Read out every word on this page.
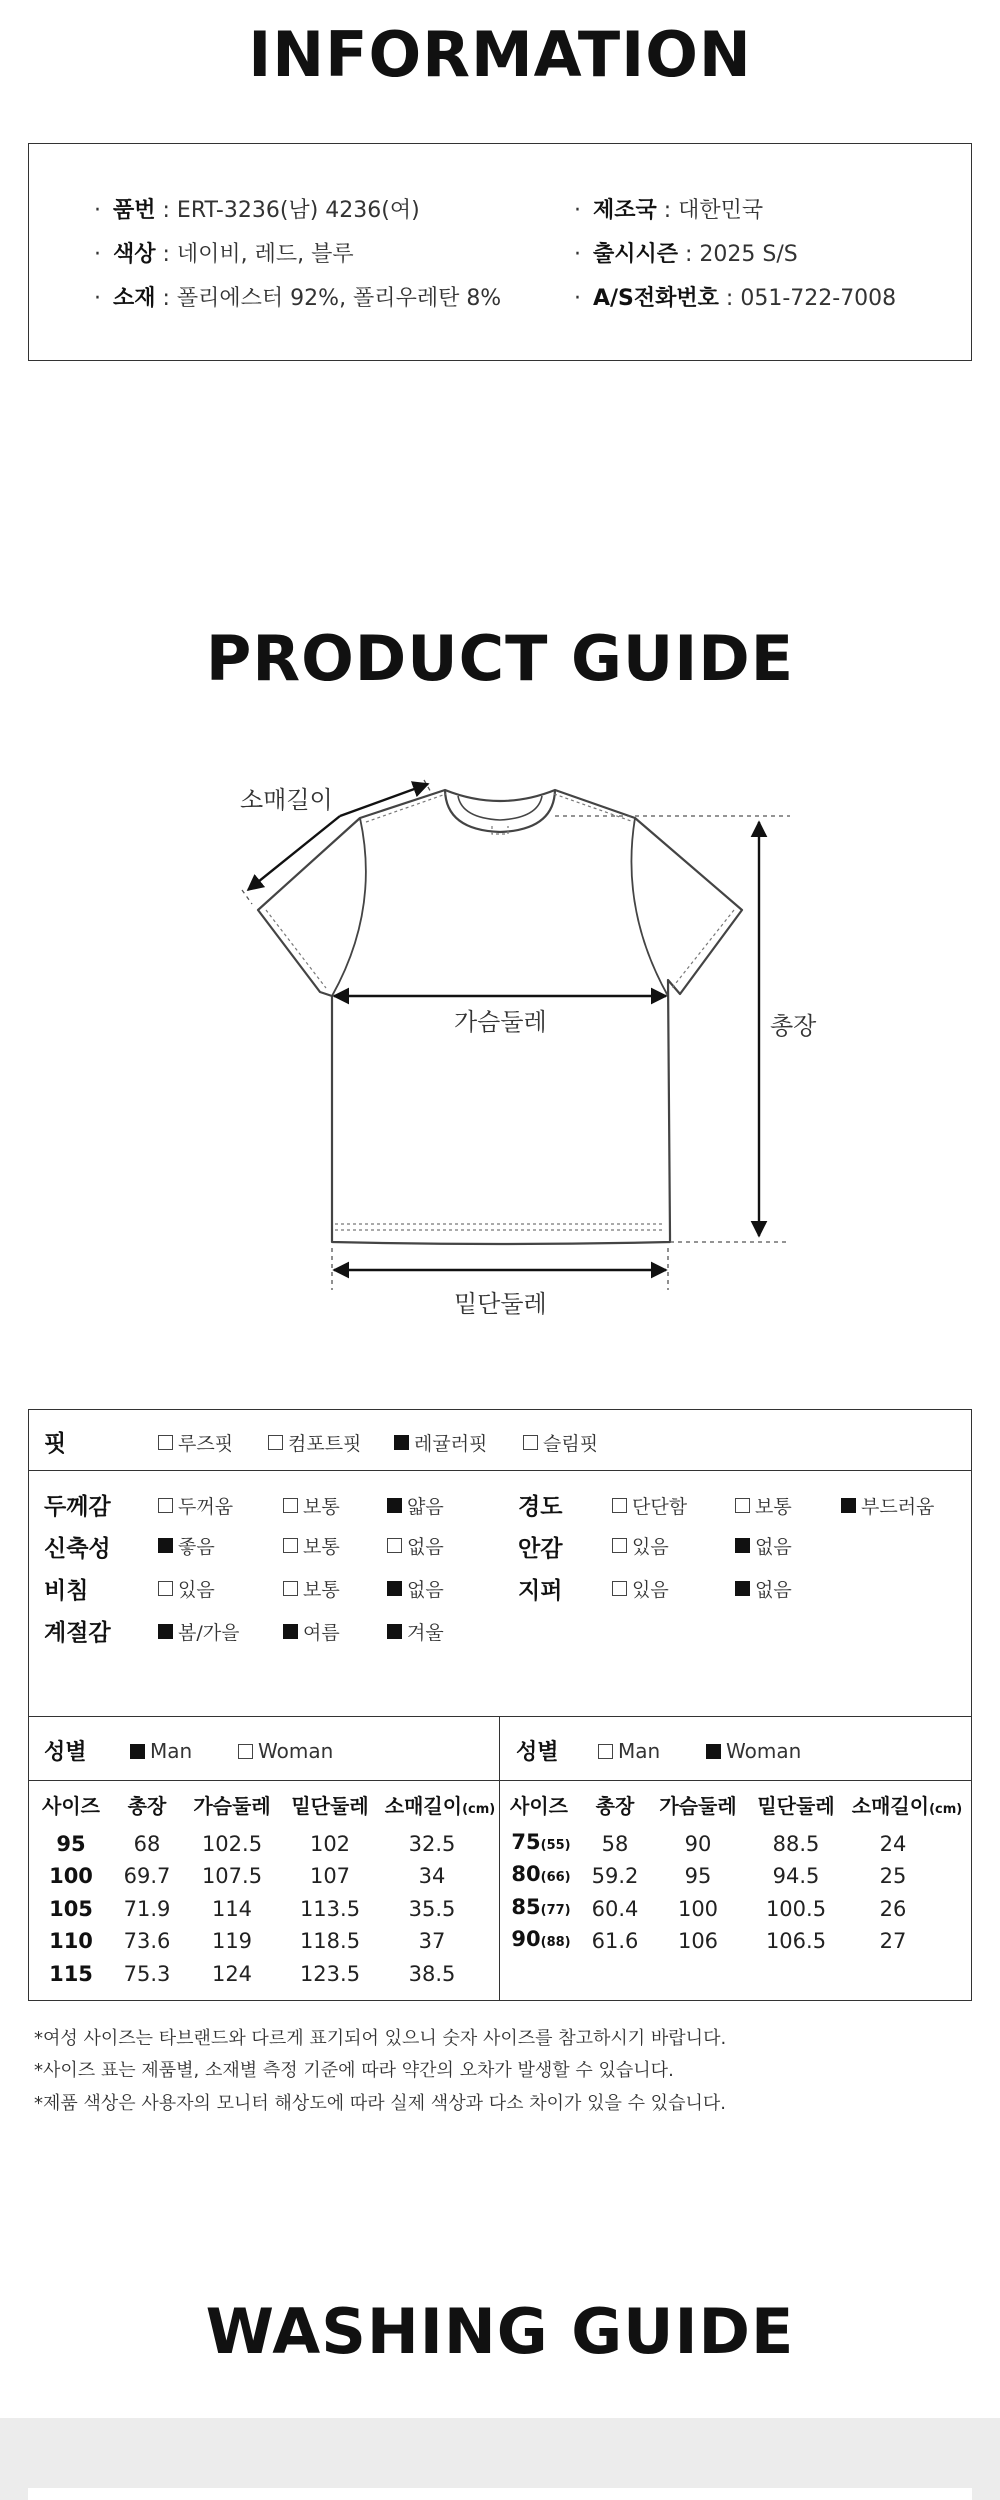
INFORMATION
· 품번 : ERT-3236(남) 4236(여)
· 색상 : 네이비, 레드, 블루
· 소재 : 폴리에스터 92%, 폴리우레탄 8%
· 제조국 : 대한민국
· 출시시즌 : 2025 S/S
· A/S전화번호 : 051-722-7008
PRODUCT GUIDE
소매길이
가슴둘레	총장
밑단둘레
핏	루즈핏	컴포트핏	레귤러핏	슬림핏
두께감	두꺼움	보통	얇음
신축성	좋음	보통	없음
비침	있음	보통	없음
계절감	봄/가을	여름	겨울
경도	단단함	보통	부드러움
안감	있음	없음
지퍼	있음	없음
성별	Man	Woman	성별	Man	Woman
사이즈	총장	가슴둘레	밑단둘레 소매길이(cm)
95	68	102.5	102	32.5
100	69.7	107.5	107	34
105	71.9	114	113.5	35.5
110	73.6	119	118.5	37
115	75.3	124	123.5	38.5
사이즈	총장	가슴둘레	밑단둘레 소매길이(cm)
75(55)	58	90	88.5	24
80(66)	59.2	95	94.5	25
85(77)	60.4	100	100.5	26
90(88)	61.6	106	106.5	27
*여성 사이즈는 타브랜드와 다르게 표기되어 있으니 숫자 사이즈를 참고하시기 바랍니다.
*사이즈 표는 제품별, 소재별 측정 기준에 따라 약간의 오차가 발생할 수 있습니다.
*제품 색상은 사용자의 모니터 해상도에 따라 실제 색상과 다소 차이가 있을 수 있습니다.
WASHING GUIDE
